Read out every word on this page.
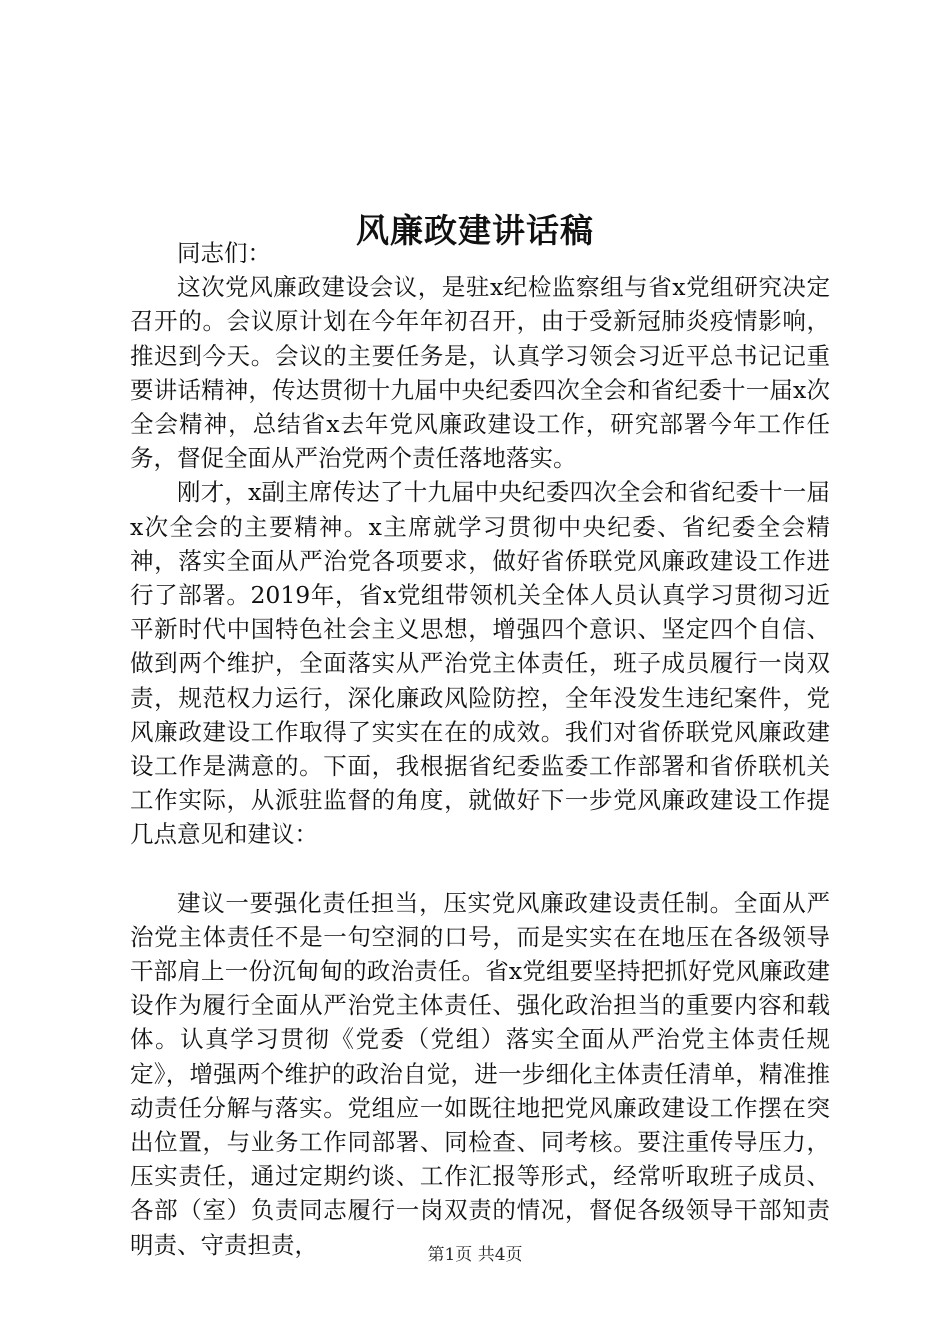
风廉政建讲话稿

同志们：

这次党风廉政建设会议，是驻x纪检监察组与省x党组研究决定召开的。会议原计划在今年年初召开，由于受新冠肺炎疫情影响，推迟到今天。会议的主要任务是，认真学习领会习近平总书记记重要讲话精神，传达贯彻十九届中央纪委四次全会和省纪委十一届x次全会精神，总结省x去年党风廉政建设工作，研究部署今年工作任务，督促全面从严治党两个责任落地落实。

刚才，x副主席传达了十九届中央纪委四次全会和省纪委十一届x次全会的主要精神。x主席就学习贯彻中央纪委、省纪委全会精神，落实全面从严治党各项要求，做好省侨联党风廉政建设工作进行了部署。2019年，省x党组带领机关全体人员认真学习贯彻习近平新时代中国特色社会主义思想，增强四个意识、坚定四个自信、做到两个维护，全面落实从严治党主体责任，班子成员履行一岗双责，规范权力运行，深化廉政风险防控，全年没发生违纪案件，党风廉政建设工作取得了实实在在的成效。我们对省侨联党风廉政建设工作是满意的。下面，我根据省纪委监委工作部署和省侨联机关工作实际，从派驻监督的角度，就做好下一步党风廉政建设工作提几点意见和建议：

建议一要强化责任担当，压实党风廉政建设责任制。全面从严治党主体责任不是一句空洞的口号，而是实实在在地压在各级领导干部肩上一份沉甸甸的政治责任。省x党组要坚持把抓好党风廉政建设作为履行全面从严治党主体责任、强化政治担当的重要内容和载体。认真学习贯彻《党委（党组）落实全面从严治党主体责任规定》，增强两个维护的政治自觉，进一步细化主体责任清单，精准推动责任分解与落实。党组应一如既往地把党风廉政建设工作摆在突出位置，与业务工作同部署、同检查、同考核。要注重传导压力，压实责任，通过定期约谈、工作汇报等形式，经常听取班子成员、各部（室）负责同志履行一岗双责的情况，督促各级领导干部知责明责、守责担责，	第1页 共4页
